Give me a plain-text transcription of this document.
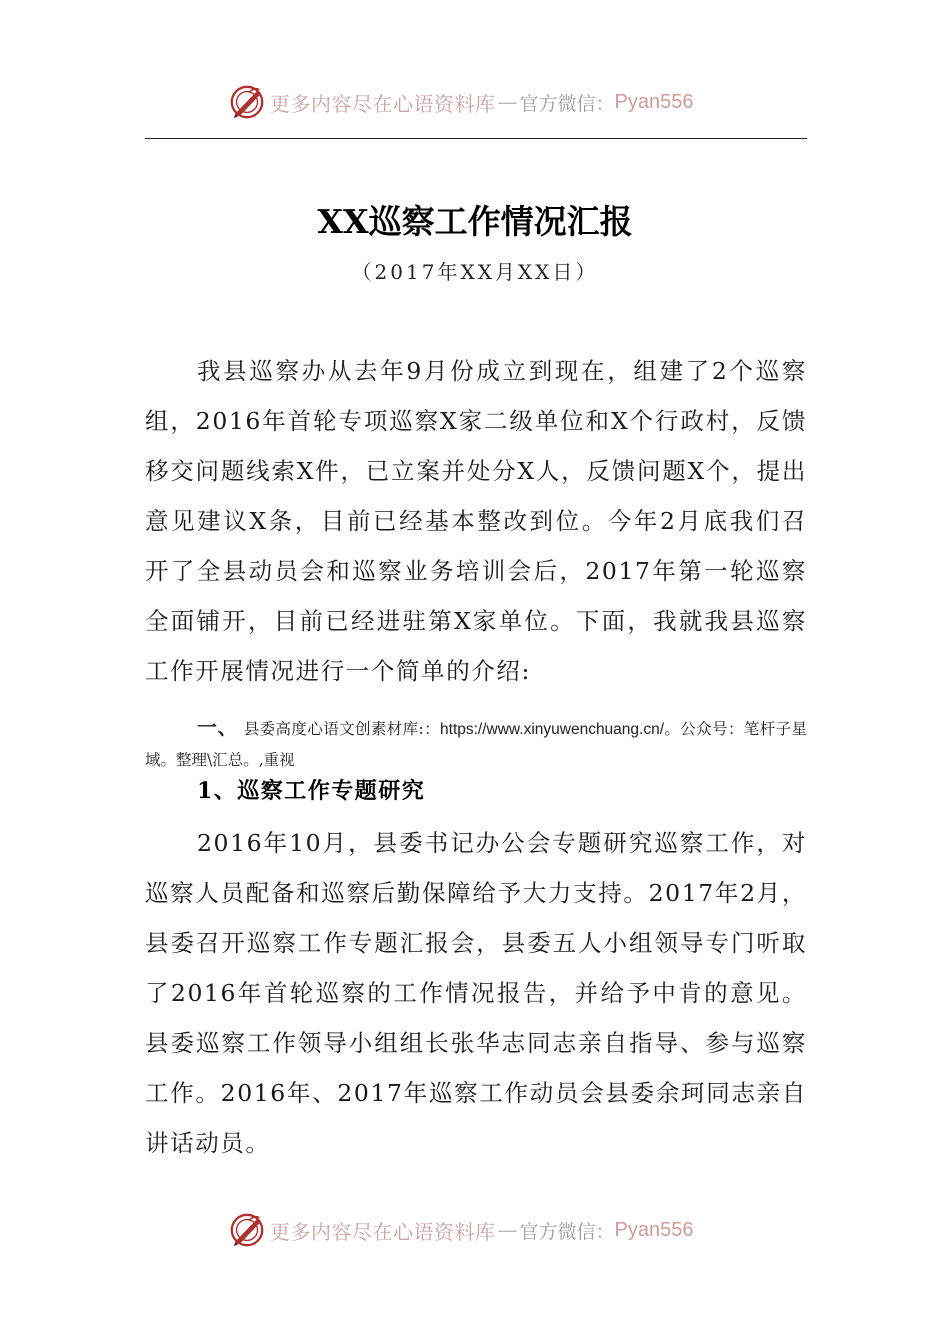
更多内容尽在心语资料库 — 官方微信： Pyan556
XX巡察工作情况汇报
（2017年XX月XX日）

我县巡察办从去年9月份成立到现在，组建了2个巡察组，2016年首轮专项巡察X家二级单位和X个行政村，反馈移交问题线索X件，已立案并处分X人，反馈问题X个，提出意见建议X条，目前已经基本整改到位。今年2月底我们召开了全县动员会和巡察业务培训会后，2017年第一轮巡察全面铺开，目前已经进驻第X家单位。下面，我就我县巡察工作开展情况进行一个简单的介绍:

一、 县委高度心语文创素材库:：https://www.xinyuwenchuang.cn/。公众号：笔杆子星域。整理\汇总。,重视

1、巡察工作专题研究

2016年10月，县委书记办公会专题研究巡察工作，对巡察人员配备和巡察后勤保障给予大力支持。2017年2月，县委召开巡察工作专题汇报会，县委五人小组领导专门听取了2016年首轮巡察的工作情况报告，并给予中肯的意见。县委巡察工作领导小组组长张华志同志亲自指导、参与巡察工作。2016年、2017年巡察工作动员会县委余珂同志亲自讲话动员。

更多内容尽在心语资料库 — 官方微信： Pyan556
